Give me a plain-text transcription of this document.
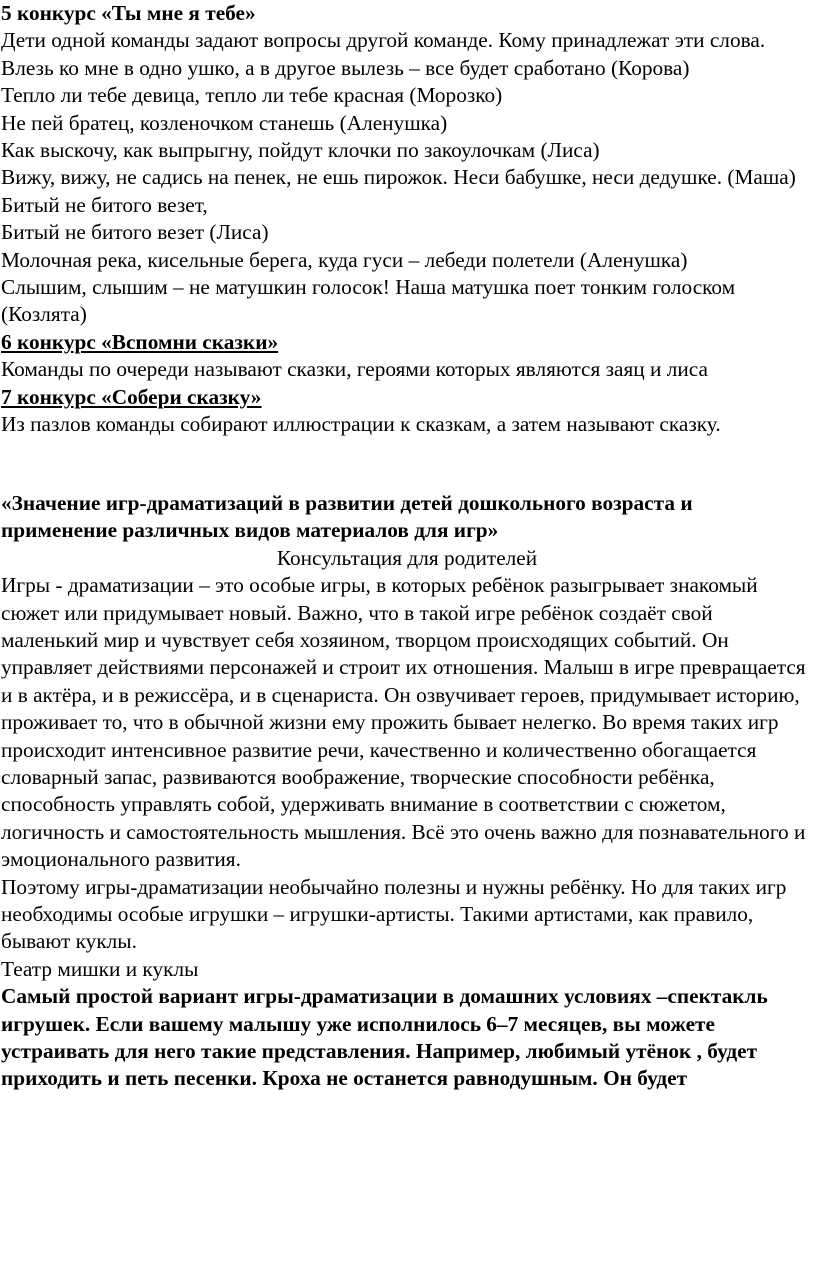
5 конкурс «Ты мне я тебе»

Дети одной команды задают вопросы другой команде. Кому принадлежат эти слова.

Влезь ко мне в одно ушко, а в другое вылезь – все будет сработано (Корова)

Тепло ли тебе девица, тепло ли тебе красная (Морозко)

Не пей братец, козленочком станешь (Аленушка)

Как выскочу, как выпрыгну, пойдут клочки по закоулочкам (Лиса)

Вижу, вижу, не садись на пенек, не ешь пирожок. Неси бабушке, неси дедушке. (Маша)

Битый не битого везет,

Битый не битого везет (Лиса)

Молочная река, кисельные берега, куда гуси – лебеди полетели (Аленушка)

Слышим, слышим – не матушкин голосок! Наша матушка поет тонким голоском (Козлята)

6 конкурс «Вспомни сказки»

Команды по очереди называют сказки, героями которых являются заяц и лиса

7 конкурс «Собери сказку»

Из пазлов команды собирают иллюстрации к сказкам, а затем называют сказку.

«Значение игр-драматизаций в развитии детей дошкольного возраста и применение различных видов материалов для игр»

Консультация для родителей

Игры - драматизации – это особые игры, в которых ребёнок разыгрывает знакомый сюжет или придумывает новый. Важно, что в такой игре ребёнок создаёт свой маленький мир и чувствует себя хозяином, творцом происходящих событий. Он управляет действиями персонажей и строит их отношения. Малыш в игре превращается и в актёра, и в режиссёра, и в сценариста. Он озвучивает героев, придумывает историю, проживает то, что в обычной жизни ему прожить бывает нелегко. Во время таких игр происходит интенсивное развитие речи, качественно и количественно обогащается словарный запас, развиваются воображение, творческие способности ребёнка, способность управлять собой, удерживать внимание в соответствии с сюжетом, логичность и самостоятельность мышления. Всё это очень важно для познавательного и эмоционального развития.

Поэтому игры-драматизации необычайно полезны и нужны ребёнку. Но для таких игр необходимы особые игрушки – игрушки-артисты. Такими артистами, как правило, бывают куклы.

Театр мишки и куклы

Самый простой вариант игры-драматизации в домашних условиях –спектакль игрушек. Если вашему малышу уже исполнилось 6–7 месяцев, вы можете устраивать для него такие представления. Например, любимый утёнок , будет приходить и петь песенки. Кроха не останется равнодушным. Он будет
